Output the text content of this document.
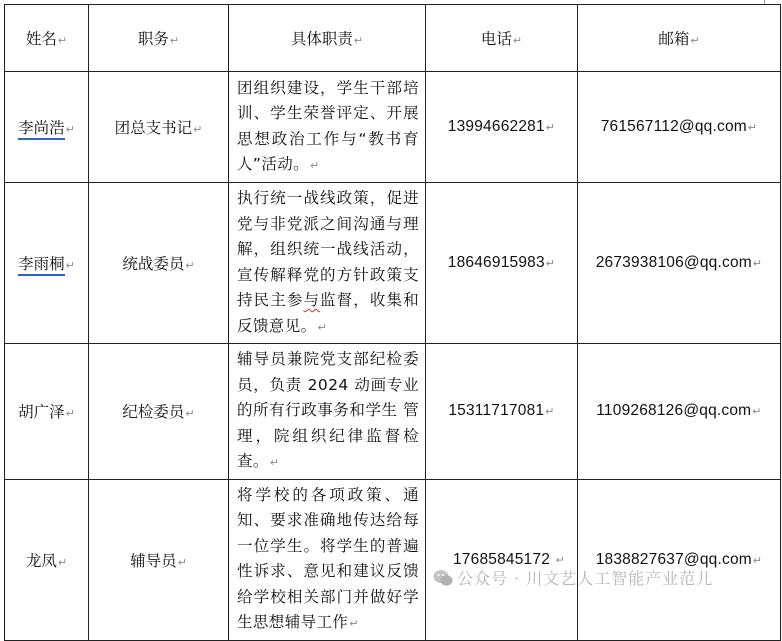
姓名↵	职务↵	具体职责↵	电话↵	邮箱↵
李尚浩↵	团总支书记↵	团组织建设，学生干部培训、学生荣誉评定、开展思想政治工作与“教书育人”活动。↵	13994662281↵	761567112@qq.com↵
李雨桐↵	统战委员↵	执行统一战线政策，促进党与非党派之间沟通与理解，组织统一战线活动，宣传解释党的方针政策支持民主参与监督，收集和反馈意见。↵	18646915983↵	2673938106@qq.com↵
胡广泽↵	纪检委员↵	辅导员兼院党支部纪检委员，负责 2024 动画专业的所有行政事务和学生 管理，院组织纪律监督检查。↵	15311717081↵	1109268126@qq.com↵
龙凤↵	辅导员↵	将学校的各项政策、通知、要求准确地传达给每一位学生。将学生的普遍性诉求、意见和建议反馈给学校相关部门并做好学生思想辅导工作↵	17685845172 ↵	1838827637@qq.com↵
公众号 · 川文艺人工智能产业范儿
